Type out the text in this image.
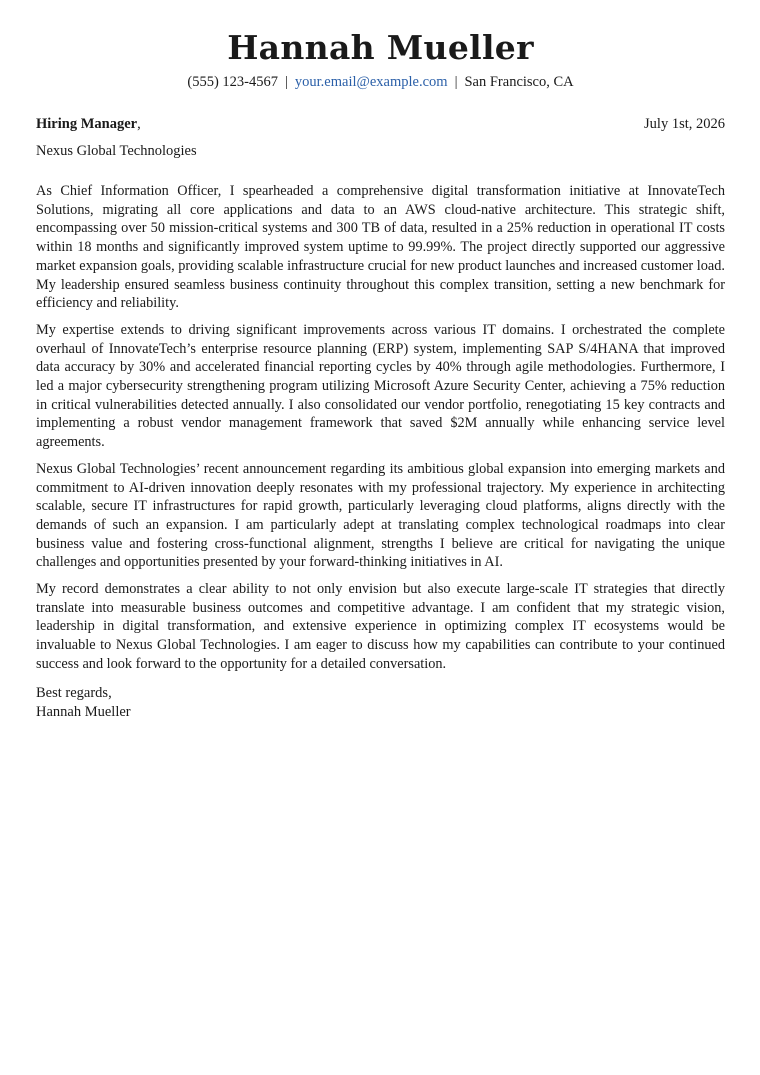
Hannah Mueller
(555) 123-4567 | your.email@example.com | San Francisco, CA
Hiring Manager,	July 1st, 2026
Nexus Global Technologies

As Chief Information Officer, I spearheaded a comprehensive digital transformation initiative at InnovateTech Solutions, migrating all core applications and data to an AWS cloud-native architecture. This strategic shift, encompassing over 50 mission-critical systems and 300 TB of data, resulted in a 25% reduction in operational IT costs within 18 months and significantly improved system uptime to 99.99%. The project directly supported our aggressive market expansion goals, providing scalable infrastructure crucial for new product launches and increased customer load. My leadership ensured seamless business continuity throughout this complex transition, setting a new benchmark for efficiency and reliability.

My expertise extends to driving significant improvements across various IT domains. I orchestrated the complete overhaul of InnovateTech’s enterprise resource planning (ERP) system, implementing SAP S/4HANA that improved data accuracy by 30% and accelerated financial reporting cycles by 40% through agile methodologies. Furthermore, I led a major cybersecurity strengthening program utilizing Microsoft Azure Security Center, achieving a 75% reduction in critical vulnerabilities detected annually. I also consolidated our vendor portfolio, renegotiating 15 key contracts and implementing a robust vendor management framework that saved $2M annually while enhancing service level agreements.

Nexus Global Technologies’ recent announcement regarding its ambitious global expansion into emerging markets and commitment to AI-driven innovation deeply resonates with my professional trajectory. My experience in architecting scalable, secure IT infrastructures for rapid growth, particularly leveraging cloud platforms, aligns directly with the demands of such an expansion. I am particularly adept at translating complex technological roadmaps into clear business value and fostering cross-functional alignment, strengths I believe are critical for navigating the unique challenges and opportunities presented by your forward-thinking initiatives in AI.

My record demonstrates a clear ability to not only envision but also execute large-scale IT strategies that directly translate into measurable business outcomes and competitive advantage. I am confident that my strategic vision, leadership in digital transformation, and extensive experience in optimizing complex IT ecosystems would be invaluable to Nexus Global Technologies. I am eager to discuss how my capabilities can contribute to your continued success and look forward to the opportunity for a detailed conversation.

Best regards,
Hannah Mueller
